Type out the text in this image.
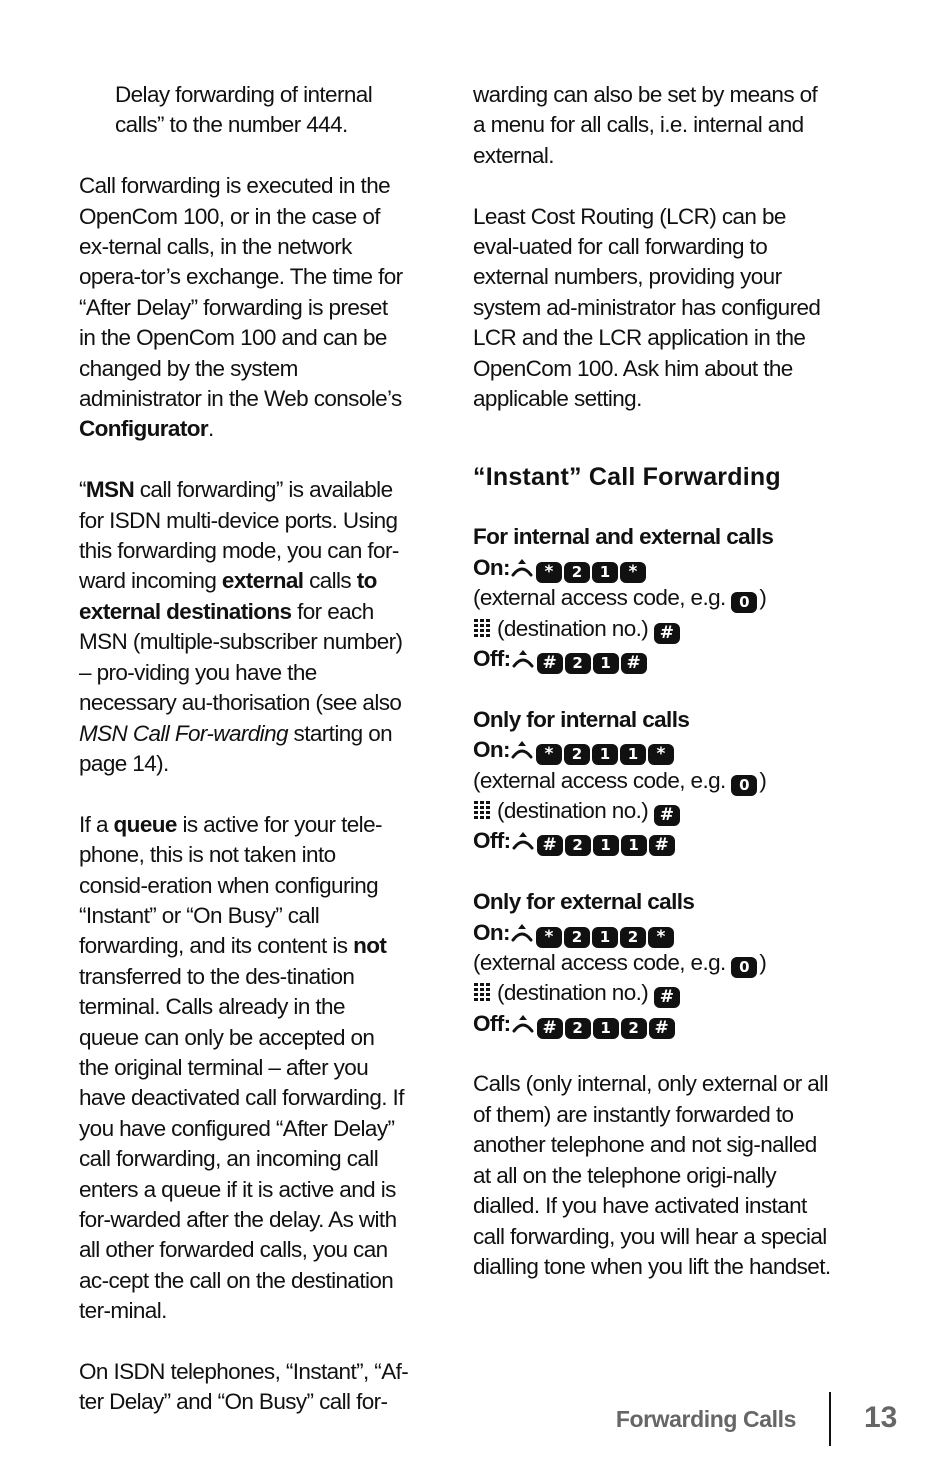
Delay forwarding of internal
calls” to the number 444.

Call forwarding is executed in the OpenCom 100, or in the case of ex-ternal calls, in the network opera-tor’s exchange. The time for “After Delay” forwarding is preset in the OpenCom 100 and can be changed by the system administrator in the Web console’s Configurator.

“MSN call forwarding” is available for ISDN multi-device ports. Using this forwarding mode, you can for-ward incoming external calls to external destinations for each MSN (multiple-subscriber number) – pro-viding you have the necessary au-thorisation (see also MSN Call For-warding starting on page 14).

If a queue is active for your tele-phone, this is not taken into consid-eration when configuring “Instant” or “On Busy” call forwarding, and its content is not transferred to the des-tination terminal. Calls already in the queue can only be accepted on the original terminal – after you have deactivated call forwarding. If you have configured “After Delay” call forwarding, an incoming call enters a queue if it is active and is for-warded after the delay. As with all other forwarded calls, you can ac-cept the call on the destination ter-minal.

On ISDN telephones, “Instant”, “Af-ter Delay” and “On Busy” call for-

warding can also be set by means of a menu for all calls, i.e. internal and external.

Least Cost Routing (LCR) can be eval-uated for call forwarding to external numbers, providing your system ad-ministrator has configured LCR and the LCR application in the OpenCom 100. Ask him about the applicable setting.

“Instant” Call Forwarding
For internal and external calls
On: * 2 1 *
(external access code, e.g. 0 )
(destination no.) #
Off: # 2 1 #
Only for internal calls
On: * 2 1 1 *
(external access code, e.g. 0 )
(destination no.) #
Off: # 2 1 1 #
Only for external calls
On: * 2 1 2 *
(external access code, e.g. 0 )
(destination no.) #
Off: # 2 1 2 #

Calls (only internal, only external or all of them) are instantly forwarded to another telephone and not sig-nalled at all on the telephone origi-nally dialled. If you have activated instant call forwarding, you will hear a special dialling tone when you lift the handset.

Forwarding Calls 13
